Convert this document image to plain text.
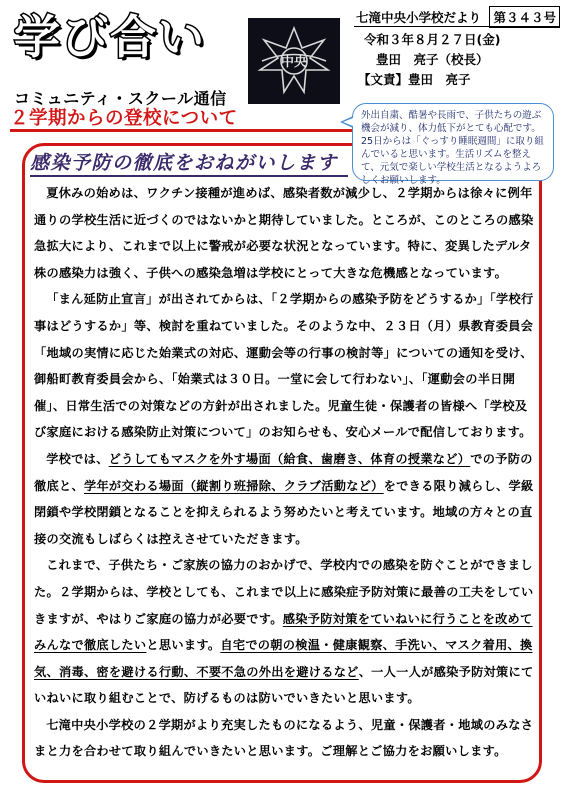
学び合い
コミュニティ・スクール通信
中央
七滝中央小学校だより 第３４３号
令和３年８月２７日(金)
豊田　亮子（校長）
【文責】豊田　亮子
２学期からの登校について	外出自粛、酷暑や長雨で、子供たちの遊ぶ機会が減り、体力低下がとても心配です。25日からは「ぐっすり睡眠週間」に取り組んでいると思います。生活リズムを整えて、元気で楽しい学校生活となるようよろしくお願いします。
感染予防の徹底をおねがいします

夏休みの始めは、ワクチン接種が進めば、感染者数が減少し、２学期からは徐々に例年通りの学校生活に近づくのではないかと期待していました。ところが、このところの感染急拡大により、これまで以上に警戒が必要な状況となっています。特に、変異したデルタ株の感染力は強く、子供への感染急増は学校にとって大きな危機感となっています。

「まん延防止宣言」が出されてからは、「２学期からの感染予防をどうするか」「学校行事はどうするか」等、検討を重ねていました。そのような中、２３日（月）県教育委員会「地域の実情に応じた始業式の対応、運動会等の行事の検討等」についての通知を受け、御船町教育委員会から、「始業式は３０日。一堂に会して行わない」、「運動会の半日開催」、日常生活での対策などの方針が出されました。児童生徒・保護者の皆様へ「学校及び家庭における感染防止対策について」のお知らせも、安心メールで配信しております。

学校では、どうしてもマスクを外す場面（給食、歯磨き、体育の授業など）での予防の徹底と、学年が交わる場面（縦割り班掃除、クラブ活動など）をできる限り減らし、学級閉鎖や学校閉鎖となることを抑えられるよう努めたいと考えています。地域の方々との直接の交流もしばらくは控えさせていただきます。

これまで、子供たち・ご家族の協力のおかげで、学校内での感染を防ぐことができました。２学期からは、学校としても、これまで以上に感染症予防対策に最善の工夫をしていきますが、やはりご家庭の協力が必要です。感染予防対策をていねいに行うことを改めてみんなで徹底したいと思います。自宅での朝の検温・健康観察、手洗い、マスク着用、換気、消毒、密を避ける行動、不要不急の外出を避けるなど、一人一人が感染予防対策にていねいに取り組むことで、防げるものは防いでいきたいと思います。

七滝中央小学校の２学期がより充実したものになるよう、児童・保護者・地域のみなさまと力を合わせて取り組んでいきたいと思います。ご理解とご協力をお願いします。
